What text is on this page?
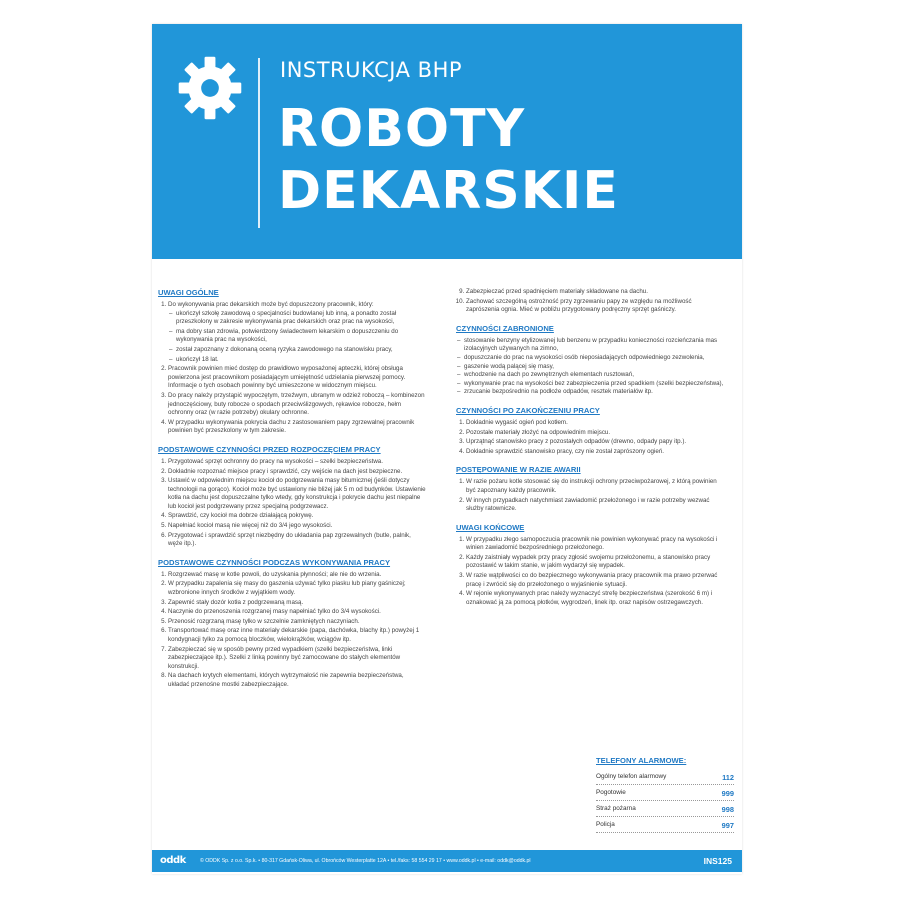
INSTRUKCJA BHP
ROBOTY
DEKARSKIE
UWAGI OGÓLNE
1. Do wykonywania prac dekarskich może być dopuszczony pracownik, który:
– ukończył szkołę zawodową o specjalności budowlanej lub inną, a ponadto został przeszkolony w zakresie wykonywania prac dekarskich oraz prac na wysokości,
– ma dobry stan zdrowia, potwierdzony świadectwem lekarskim o dopuszczeniu do wykonywania prac na wysokości,
– został zapoznany z dokonaną oceną ryzyka zawodowego na stanowisku pracy,
– ukończył 18 lat.
2. Pracownik powinien mieć dostęp do prawidłowo wyposażonej apteczki, której obsługa powierzona jest pracownikom posiadającym umiejętność udzielania pierwszej pomocy. Informacje o tych osobach powinny być umieszczone w widocznym miejscu.
3. Do pracy należy przystąpić wypoczętym, trzeźwym, ubranym w odzież roboczą – kombinezon jednoczęściowy, buty robocze o spodach przeciwślizgowych, rękawice robocze, hełm ochronny oraz (w razie potrzeby) okulary ochronne.
4. W przypadku wykonywania pokrycia dachu z zastosowaniem papy zgrzewalnej pracownik powinien być przeszkolony w tym zakresie.
PODSTAWOWE CZYNNOŚCI PRZED ROZPOCZĘCIEM PRACY
1. Przygotować sprzęt ochronny do pracy na wysokości – szelki bezpieczeństwa.
2. Dokładnie rozpoznać miejsce pracy i sprawdzić, czy wejście na dach jest bezpieczne.
3. Ustawić w odpowiednim miejscu kocioł do podgrzewania masy bitumicznej (jeśli dotyczy technologii na gorąco). Kocioł może być ustawiony nie bliżej jak 5 m od budynków. Ustawienie kotła na dachu jest dopuszczalne tylko wtedy, gdy konstrukcja i pokrycie dachu jest niepalne lub kocioł jest podgrzewany przez specjalną podgrzewacz.
4. Sprawdzić, czy kocioł ma dobrze działającą pokrywę.
5. Napełniać kocioł masą nie więcej niż do 3/4 jego wysokości.
6. Przygotować i sprawdzić sprzęt niezbędny do układania pap zgrzewalnych (butle, palnik, węże itp.).
PODSTAWOWE CZYNNOŚCI PODCZAS WYKONYWANIA PRACY
1. Rozgrzewać masę w kotle powoli, do uzyskania płynności; ale nie do wrzenia.
2. W przypadku zapalenia się masy do gaszenia używać tylko piasku lub piany gaśniczej; wzbronione innych środków z wyjątkiem wody.
3. Zapewnić stały dozór kotła z podgrzewaną masą.
4. Naczynie do przenoszenia rozgrzanej masy napełniać tylko do 3/4 wysokości.
5. Przenosić rozgrzaną masę tylko w szczelnie zamkniętych naczyniach.
6. Transportować masę oraz inne materiały dekarskie (papa, dachówka, blachy itp.) powyżej 1 kondygnacji tylko za pomocą bloczków, wielokrążków, wciągów itp.
7. Zabezpieczać się w sposób pewny przed wypadkiem (szelki bezpieczeństwa, linki zabezpieczające itp.). Szelki z linką powinny być zamocowane do stałych elementów konstrukcji.
8. Na dachach krytych elementami, których wytrzymałość nie zapewnia bezpieczeństwa, układać przenośne mostki zabezpieczające.
9. Zabezpieczać przed spadnięciem materiały składowane na dachu.
10. Zachować szczególną ostrożność przy zgrzewaniu papy ze względu na możliwość zaprószenia ognia. Mieć w pobliżu przygotowany podręczny sprzęt gaśniczy.
CZYNNOŚCI ZABRONIONE
– stosowanie benzyny etylizowanej lub benzenu w przypadku konieczności rozcieńczania mas izolacyjnych używanych na zimno,
– dopuszczanie do prac na wysokości osób nieposiadających odpowiedniego zezwolenia,
– gaszenie wodą palącej się masy,
– wchodzenie na dach po zewnętrznych elementach rusztowań,
– wykonywanie prac na wysokości bez zabezpieczenia przed spadkiem (szelki bezpieczeństwa),
– zrzucanie bezpośrednio na podłoże odpadów, resztek materiałów itp.
CZYNNOŚCI PO ZAKOŃCZENIU PRACY
1. Dokładnie wygasić ogień pod kotłem.
2. Pozostałe materiały złożyć na odpowiednim miejscu.
3. Uprzątnąć stanowisko pracy z pozostałych odpadów (drewno, odpady papy itp.).
4. Dokładnie sprawdzić stanowisko pracy, czy nie został zaprószony ogień.
POSTĘPOWANIE W RAZIE AWARII
1. W razie pożaru kotle stosować się do instrukcji ochrony przeciwpożarowej, z którą powinien być zapoznany każdy pracownik.
2. W innych przypadkach natychmiast zawiadomić przełożonego i w razie potrzeby wezwać służby ratownicze.
UWAGI KOŃCOWE
1. W przypadku złego samopoczucia pracownik nie powinien wykonywać pracy na wysokości i winien zawiadomić bezpośredniego przełożonego.
2. Każdy zaistniały wypadek przy pracy zgłosić swojemu przełożonemu, a stanowisko pracy pozostawić w takim stanie, w jakim wydarzył się wypadek.
3. W razie wątpliwości co do bezpiecznego wykonywania pracy pracownik ma prawo przerwać pracę i zwrócić się do przełożonego o wyjaśnienie sytuacji.
4. W rejonie wykonywanych prac należy wyznaczyć strefę bezpieczeństwa (szerokość 6 m) i oznakować ją za pomocą płotków, wygrodzeń, linek itp. oraz napisów ostrzegawczych.
TELEFONY ALARMOWE:
Ogólny telefon alarmowy	112
Pogotowie	999
Straż pożarna	998
Policja	997
oddk	© ODDK Sp. z o.o. Sp.k. • 80-317 Gdańsk-Oliwa, ul. Obrońców Westerplatte 12A • tel./faks: 58 554 29 17 • www.oddk.pl • e-mail: oddk@oddk.pl	INS125
